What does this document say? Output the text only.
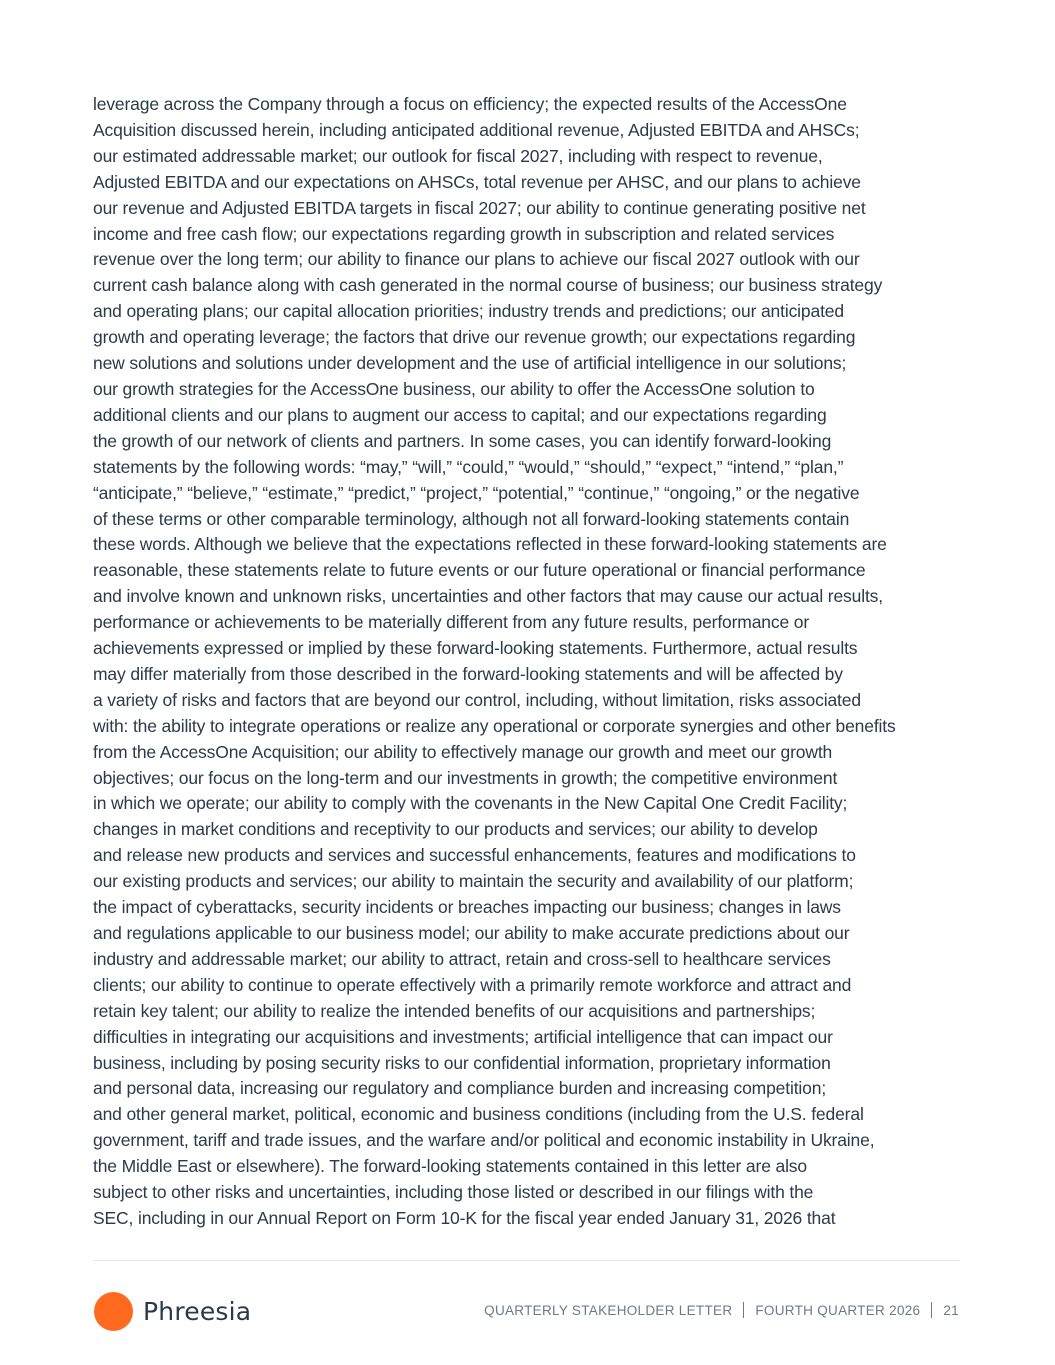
leverage across the Company through a focus on efficiency; the expected results of the AccessOne
Acquisition discussed herein, including anticipated additional revenue, Adjusted EBITDA and AHSCs;
our estimated addressable market; our outlook for fiscal 2027, including with respect to revenue,
Adjusted EBITDA and our expectations on AHSCs, total revenue per AHSC, and our plans to achieve
our revenue and Adjusted EBITDA targets in fiscal 2027; our ability to continue generating positive net
income and free cash flow; our expectations regarding growth in subscription and related services
revenue over the long term; our ability to finance our plans to achieve our fiscal 2027 outlook with our
current cash balance along with cash generated in the normal course of business; our business strategy
and operating plans; our capital allocation priorities; industry trends and predictions; our anticipated
growth and operating leverage; the factors that drive our revenue growth; our expectations regarding
new solutions and solutions under development and the use of artificial intelligence in our solutions;
our growth strategies for the AccessOne business, our ability to offer the AccessOne solution to
additional clients and our plans to augment our access to capital; and our expectations regarding
the growth of our network of clients and partners. In some cases, you can identify forward-looking
statements by the following words: “may,” “will,” “could,” “would,” “should,” “expect,” “intend,” “plan,”
“anticipate,” “believe,” “estimate,” “predict,” “project,” “potential,” “continue,” “ongoing,” or the negative
of these terms or other comparable terminology, although not all forward-looking statements contain
these words. Although we believe that the expectations reflected in these forward-looking statements are
reasonable, these statements relate to future events or our future operational or financial performance
and involve known and unknown risks, uncertainties and other factors that may cause our actual results,
performance or achievements to be materially different from any future results, performance or
achievements expressed or implied by these forward-looking statements. Furthermore, actual results
may differ materially from those described in the forward-looking statements and will be affected by
a variety of risks and factors that are beyond our control, including, without limitation, risks associated
with: the ability to integrate operations or realize any operational or corporate synergies and other benefits
from the AccessOne Acquisition; our ability to effectively manage our growth and meet our growth
objectives; our focus on the long-term and our investments in growth; the competitive environment
in which we operate; our ability to comply with the covenants in the New Capital One Credit Facility;
changes in market conditions and receptivity to our products and services; our ability to develop
and release new products and services and successful enhancements, features and modifications to
our existing products and services; our ability to maintain the security and availability of our platform;
the impact of cyberattacks, security incidents or breaches impacting our business; changes in laws
and regulations applicable to our business model; our ability to make accurate predictions about our
industry and addressable market; our ability to attract, retain and cross-sell to healthcare services
clients; our ability to continue to operate effectively with a primarily remote workforce and attract and
retain key talent; our ability to realize the intended benefits of our acquisitions and partnerships;
difficulties in integrating our acquisitions and investments; artificial intelligence that can impact our
business, including by posing security risks to our confidential information, proprietary information
and personal data, increasing our regulatory and compliance burden and increasing competition;
and other general market, political, economic and business conditions (including from the U.S. federal
government, tariff and trade issues, and the warfare and/or political and economic instability in Ukraine,
the Middle East or elsewhere). The forward-looking statements contained in this letter are also
subject to other risks and uncertainties, including those listed or described in our filings with the
SEC, including in our Annual Report on Form 10-K for the fiscal year ended January 31, 2026 that
Phreesia	QUARTERLY STAKEHOLDER LETTER FOURTH QUARTER 2026 21
